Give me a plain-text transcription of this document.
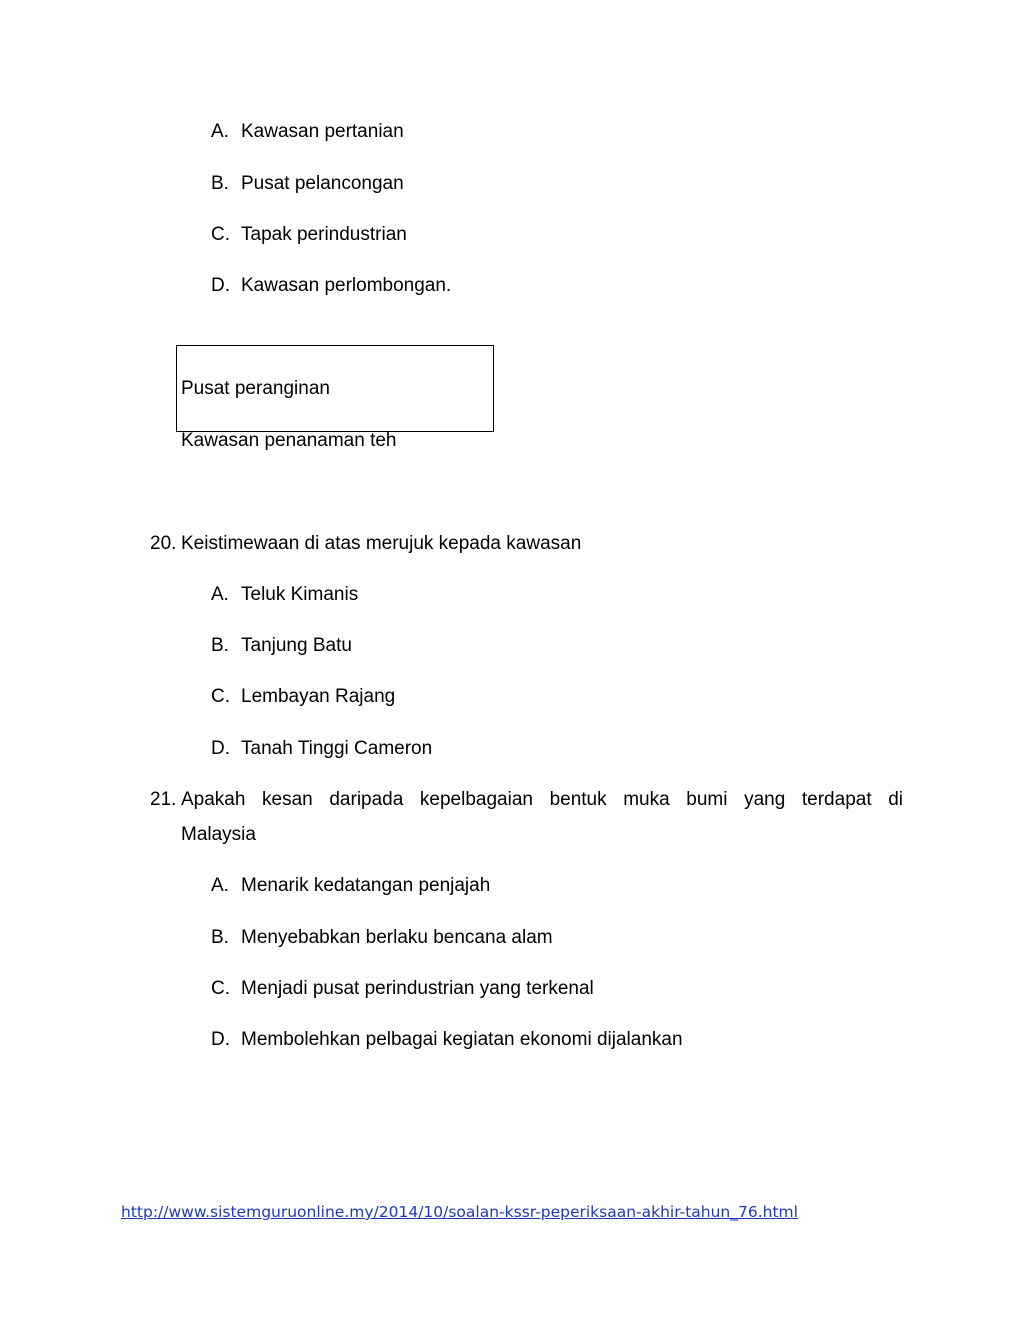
A. Kawasan pertanian
B. Pusat pelancongan
C. Tapak perindustrian
D. Kawasan perlombongan.
Pusat peranginan
Kawasan penanaman teh
20. Keistimewaan di atas merujuk kepada kawasan
A. Teluk Kimanis
B. Tanjung Batu
C. Lembayan Rajang
D. Tanah Tinggi Cameron
21. Apakah kesan daripada kepelbagaian bentuk muka bumi yang terdapat di
Malaysia
A. Menarik kedatangan penjajah
B. Menyebabkan berlaku bencana alam
C. Menjadi pusat perindustrian yang terkenal
D. Membolehkan pelbagai kegiatan ekonomi dijalankan
http://www.sistemguruonline.my/2014/10/soalan-kssr-peperiksaan-akhir-tahun_76.html
